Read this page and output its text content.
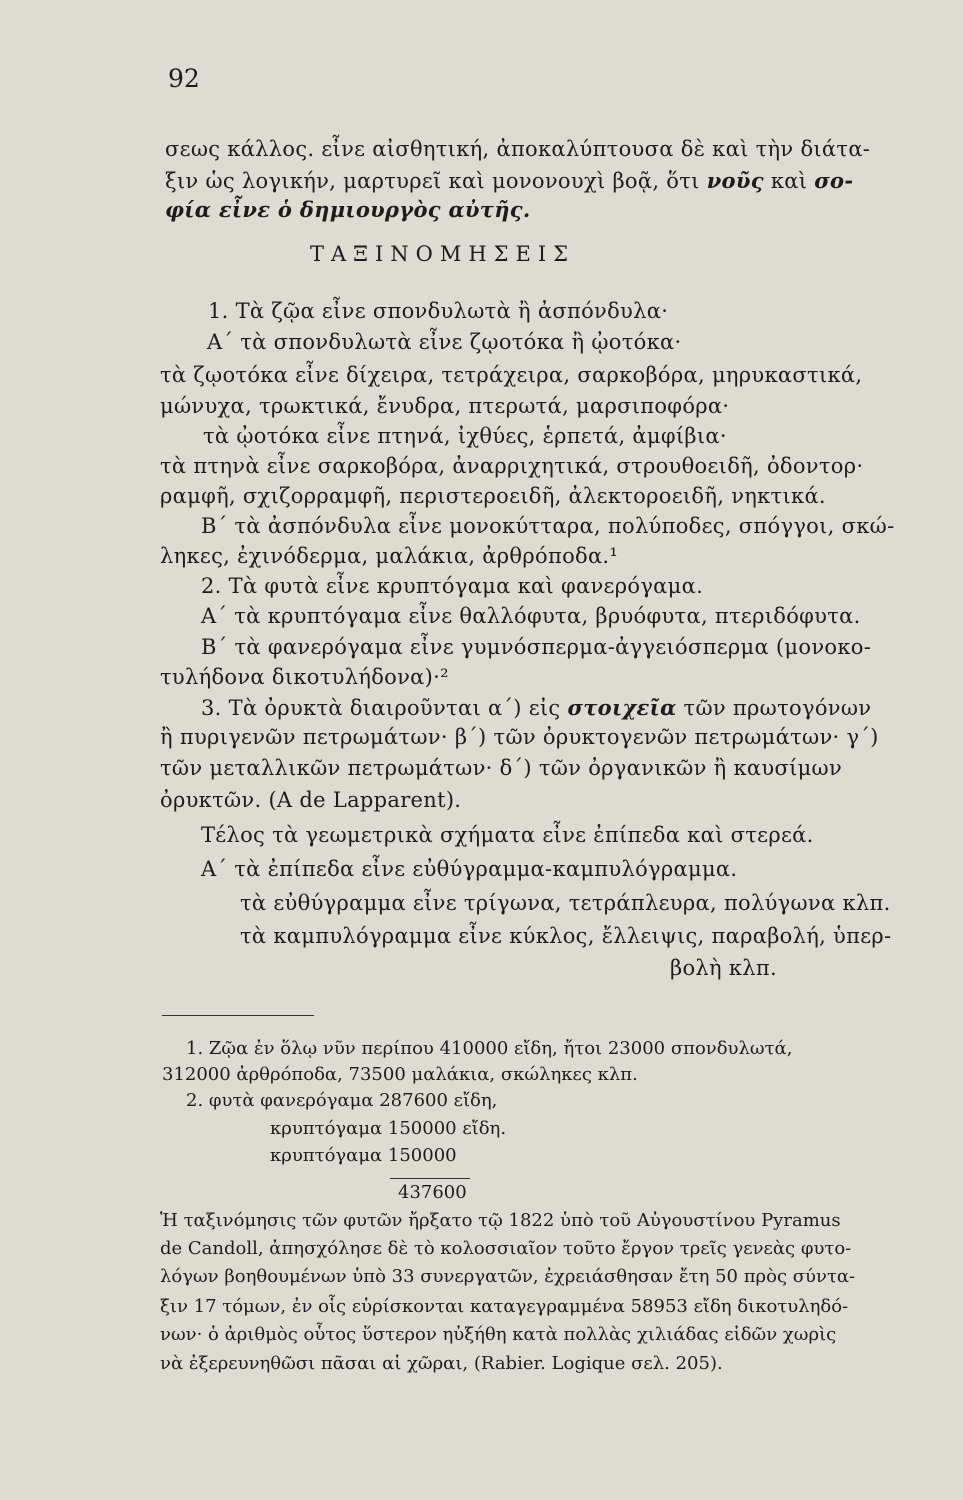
92
σεως κάλλος. εἶνε αἰσθητική, ἀποκαλύπτουσα δὲ καὶ τὴν διάτα-
ξιν ὡς λογικήν, μαρτυρεῖ καὶ μονονουχὶ βοᾷ, ὅτι νοῦς καὶ σο-
φία εἶνε ὁ δημιουργὸς αὐτῆς.
ΤΑΞΙΝΟΜΗΣΕΙΣ
1. Τὰ ζῷα εἶνε σπονδυλωτὰ ἢ ἀσπόνδυλα·
Α΄ τὰ σπονδυλωτὰ εἶνε ζῳοτόκα ἢ ᾠοτόκα·
τὰ ζῳοτόκα εἶνε δίχειρα, τετράχειρα, σαρκοβόρα, μηρυκαστικά,
μώνυχα, τρωκτικά, ἔνυδρα, πτερωτά, μαρσιποφόρα·
τὰ ᾠοτόκα εἶνε πτηνά, ἰχθύες, ἑρπετά, ἀμφίβια·
τὰ πτηνὰ εἶνε σαρκοβόρα, ἀναρριχητικά, στρουθοειδῆ, ὀδοντορ·
ραμφῆ, σχιζορραμφῆ, περιστεροειδῆ, ἀλεκτοροειδῆ, νηκτικά.
Β΄ τὰ ἀσπόνδυλα εἶνε μονοκύτταρα, πολύποδες, σπόγγοι, σκώ-
ληκες, ἐχινόδερμα, μαλάκια, ἀρθρόποδα.¹
2. Τὰ φυτὰ εἶνε κρυπτόγαμα καὶ φανερόγαμα.
Α΄ τὰ κρυπτόγαμα εἶνε θαλλόφυτα, βρυόφυτα, πτεριδόφυτα.
Β΄ τὰ φανερόγαμα εἶνε γυμνόσπερμα-ἀγγειόσπερμα (μονοκο-
τυλήδονα δικοτυλήδονα)·²
3. Τὰ ὀρυκτὰ διαιροῦνται α΄) εἰς στοιχεῖα τῶν πρωτογόνων
ἢ πυριγενῶν πετρωμάτων· β΄) τῶν ὀρυκτογενῶν πετρωμάτων· γ΄)
τῶν μεταλλικῶν πετρωμάτων· δ΄) τῶν ὀργανικῶν ἢ καυσίμων
ὀρυκτῶν. (A de Lapparent).
Τέλος τὰ γεωμετρικὰ σχήματα εἶνε ἐπίπεδα καὶ στερεά.
Α΄ τὰ ἐπίπεδα εἶνε εὐθύγραμμα-καμπυλόγραμμα.
τὰ εὐθύγραμμα εἶνε τρίγωνα, τετράπλευρα, πολύγωνα κλπ.
τὰ καμπυλόγραμμα εἶνε κύκλος, ἔλλειψις, παραβολή, ὑπερ-
βολὴ κλπ.
1. Ζῷα ἐν ὅλῳ νῦν περίπου 410000 εἴδη, ἤτοι 23000 σπονδυλωτά,
312000 ἀρθρόποδα, 73500 μαλάκια, σκώληκες κλπ.
2. φυτὰ φανερόγαμα 287600 εἴδη,
κρυπτόγαμα 150000 εἴδη.
κρυπτόγαμα 150000
437600
Ἡ ταξινόμησις τῶν φυτῶν ἤρξατο τῷ 1822 ὑπὸ τοῦ Αὐγουστίνου Pyramus
de Candoll, ἀπησχόλησε δὲ τὸ κολοσσιαῖον τοῦτο ἔργον τρεῖς γενεὰς φυτο-
λόγων βοηθουμένων ὑπὸ 33 συνεργατῶν, ἐχρειάσθησαν ἔτη 50 πρὸς σύντα-
ξιν 17 τόμων, ἐν οἷς εὑρίσκονται καταγεγραμμένα 58953 εἴδη δικοτυληδό-
νων· ὁ ἀριθμὸς οὗτος ὕστερον ηὐξήθη κατὰ πολλὰς χιλιάδας εἰδῶν χωρὶς
νὰ ἐξερευνηθῶσι πᾶσαι αἱ χῶραι, (Rabier. Logique σελ. 205).
